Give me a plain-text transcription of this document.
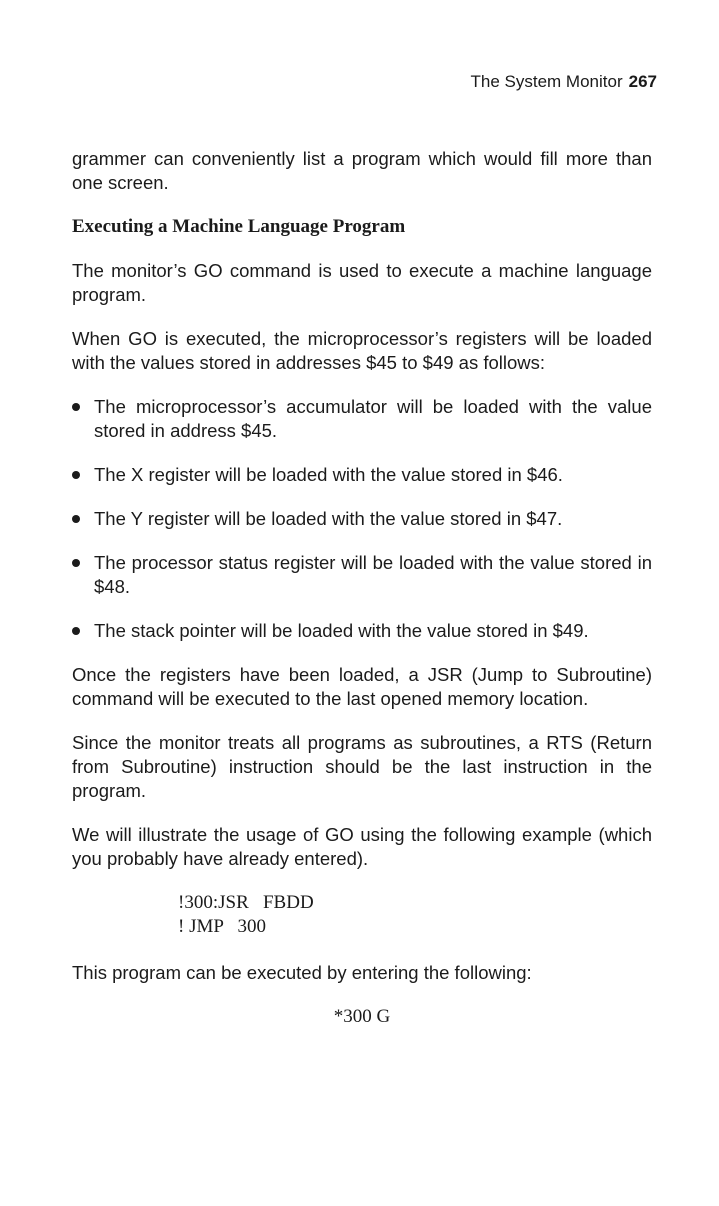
The System Monitor 267

grammer can conveniently list a program which would fill more than one screen.

Executing a Machine Language Program

The monitor’s GO command is used to execute a machine language program.

When GO is executed, the microprocessor’s registers will be loaded with the values stored in addresses $45 to $49 as follows:

The microprocessor’s accumulator will be loaded with the value stored in address $45.
The X register will be loaded with the value stored in $46.
The Y register will be loaded with the value stored in $47.
The processor status register will be loaded with the value stored in $48.
The stack pointer will be loaded with the value stored in $49.

Once the registers have been loaded, a JSR (Jump to Subroutine) command will be executed to the last opened memory location.

Since the monitor treats all programs as subroutines, a RTS (Return from Subroutine) instruction should be the last instruction in the program.

We will illustrate the usage of GO using the following example (which you probably have already entered).

!300:JSR   FBDD
! JMP   300

This program can be executed by entering the following:

*300 G
